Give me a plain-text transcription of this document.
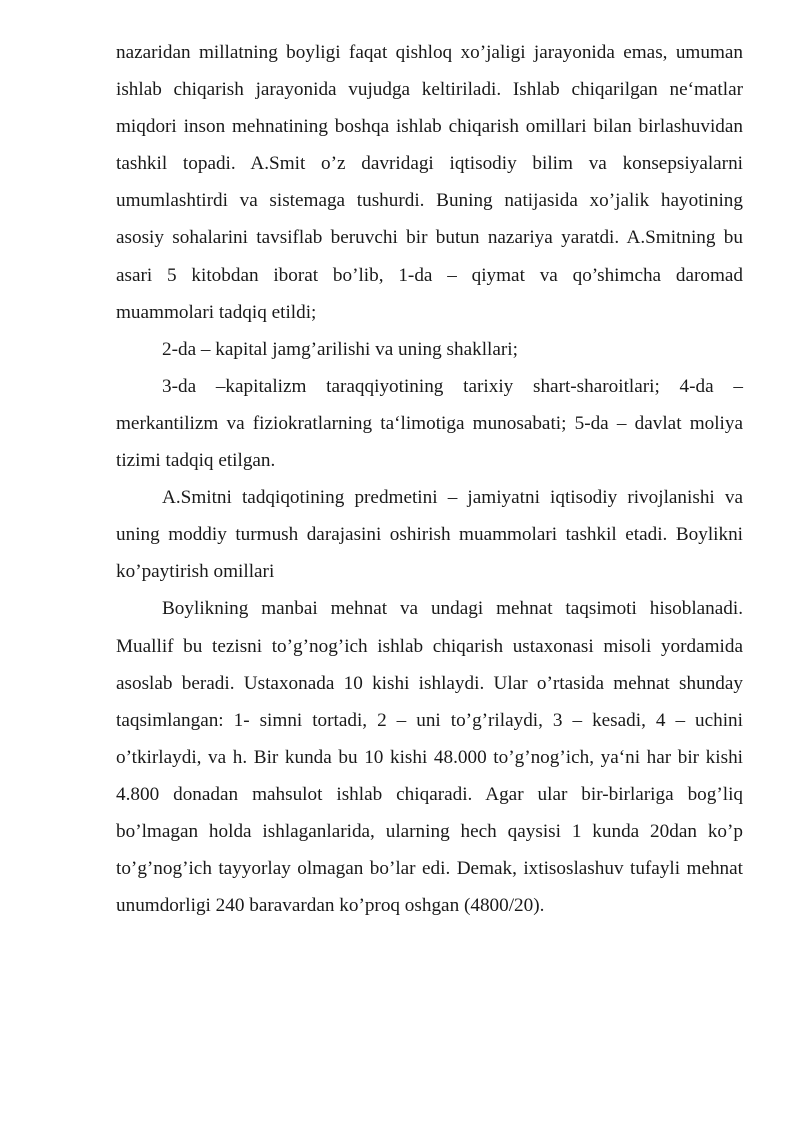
nazaridan millatning boyligi faqat qishloq xo’jaligi jarayonida emas, umuman ishlab chiqarish jarayonida vujudga keltiriladi. Ishlab chiqarilgan ne‘matlar miqdori inson mehnatining boshqa ishlab chiqarish omillari bilan birlashuvidan tashkil topadi. A.Smit o’z davridagi iqtisodiy bilim va konsepsiyalarni umumlashtirdi va sistemaga tushurdi. Buning natijasida xo’jalik hayotining asosiy sohalarini tavsiflab beruvchi bir butun nazariya yaratdi. A.Smitning bu asari 5 kitobdan iborat bo’lib, 1-da – qiymat va qo’shimcha daromad muammolari tadqiq etildi;

2-da – kapital jamg’arilishi va uning shakllari;

3-da –kapitalizm taraqqiyotining tarixiy shart-sharoitlari; 4-da – merkantilizm va fiziokratlarning ta‘limotiga munosabati; 5-da – davlat moliya tizimi tadqiq etilgan.

A.Smitni tadqiqotining predmetini – jamiyatni iqtisodiy rivojlanishi va uning moddiy turmush darajasini oshirish muammolari tashkil etadi. Boylikni ko’paytirish omillari

Boylikning manbai mehnat va undagi mehnat taqsimoti hisoblanadi. Muallif bu tezisni to’g’nog’ich ishlab chiqarish ustaxonasi misoli yordamida asoslab beradi. Ustaxonada 10 kishi ishlaydi. Ular o’rtasida mehnat shunday taqsimlangan: 1- simni tortadi, 2 – uni to’g’rilaydi, 3 – kesadi, 4 – uchini o’tkirlaydi, va h. Bir kunda bu 10 kishi 48.000 to’g’nog’ich, ya‘ni har bir kishi 4.800 donadan mahsulot ishlab chiqaradi. Agar ular bir-birlariga bog’liq bo’lmagan holda ishlaganlarida, ularning hech qaysisi 1 kunda 20dan ko’p to’g’nog’ich tayyorlay olmagan bo’lar edi. Demak, ixtisoslashuv tufayli mehnat unumdorligi 240 baravardan ko’proq oshgan (4800/20).
